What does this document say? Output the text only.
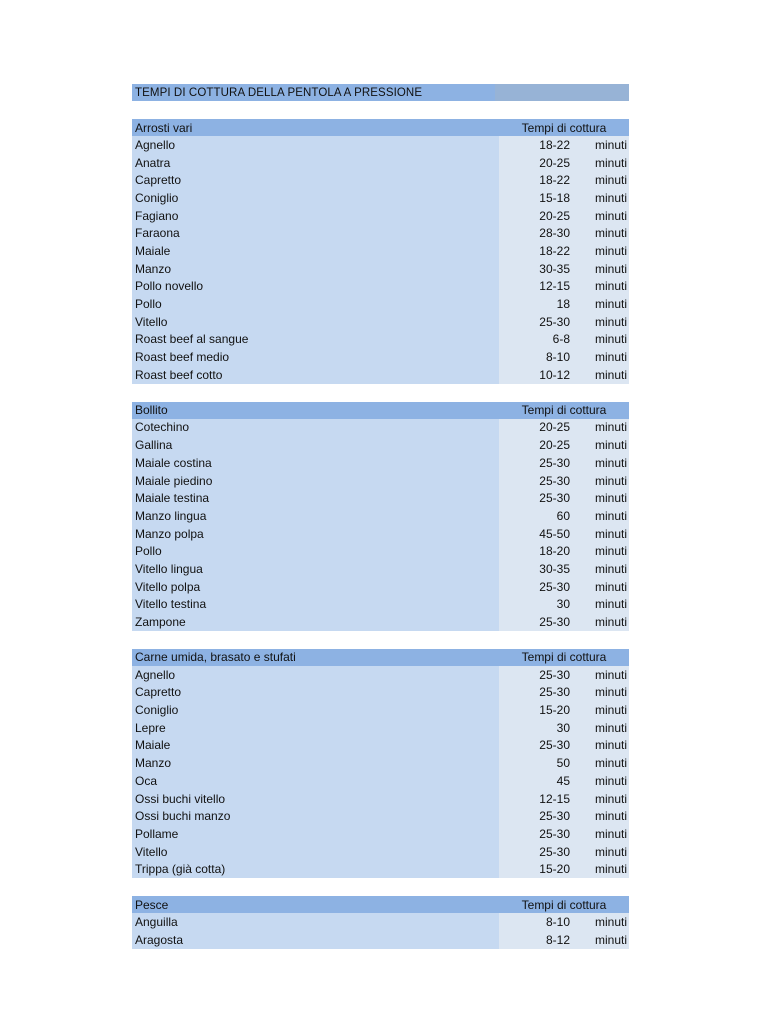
TEMPI DI COTTURA DELLA PENTOLA A PRESSIONE
Arrosti vari	Tempi di cottura
Agnello	18-22	minuti
Anatra	20-25	minuti
Capretto	18-22	minuti
Coniglio	15-18	minuti
Fagiano	20-25	minuti
Faraona	28-30	minuti
Maiale	18-22	minuti
Manzo	30-35	minuti
Pollo novello	12-15	minuti
Pollo	18	minuti
Vitello	25-30	minuti
Roast beef al sangue	6-8	minuti
Roast beef medio	8-10	minuti
Roast beef cotto	10-12	minuti
Bollito	Tempi di cottura
Cotechino	20-25	minuti
Gallina	20-25	minuti
Maiale costina	25-30	minuti
Maiale piedino	25-30	minuti
Maiale testina	25-30	minuti
Manzo lingua	60	minuti
Manzo polpa	45-50	minuti
Pollo	18-20	minuti
Vitello lingua	30-35	minuti
Vitello polpa	25-30	minuti
Vitello testina	30	minuti
Zampone	25-30	minuti
Carne umida, brasato e stufati	Tempi di cottura
Agnello	25-30	minuti
Capretto	25-30	minuti
Coniglio	15-20	minuti
Lepre	30	minuti
Maiale	25-30	minuti
Manzo	50	minuti
Oca	45	minuti
Ossi buchi vitello	12-15	minuti
Ossi buchi manzo	25-30	minuti
Pollame	25-30	minuti
Vitello	25-30	minuti
Trippa (già cotta)	15-20	minuti
Pesce	Tempi di cottura
Anguilla	8-10	minuti
Aragosta	8-12	minuti
